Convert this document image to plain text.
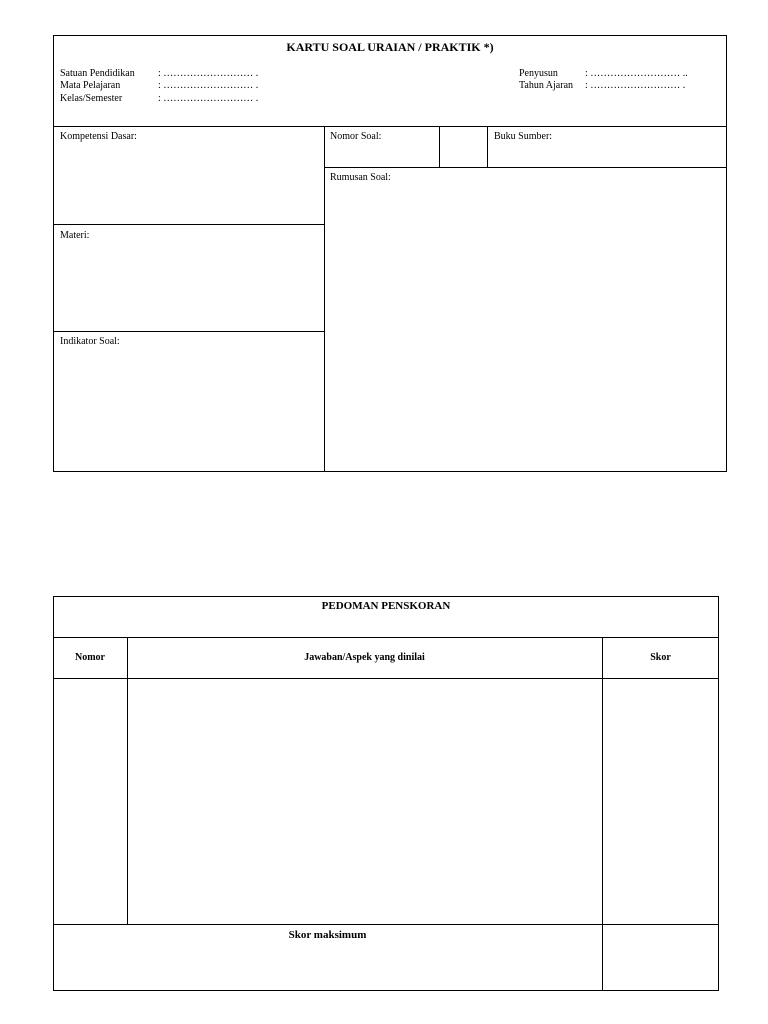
KARTU SOAL URAIAN / PRAKTIK *)
Satuan Pendidikan : ……………………… .
Mata Pelajaran	: ……………………… .
Kelas/Semester	: ……………………… .
Penyusun	: ……………………… ..
Tahun Ajaran : ……………………… .
Kompetensi Dasar:
Materi:
Indikator Soal:
Nomor Soal:	Buku Sumber:
Rumusan Soal:
PEDOMAN PENSKORAN
Nomor	Jawaban/Aspek yang dinilai	Skor
Skor maksimum
